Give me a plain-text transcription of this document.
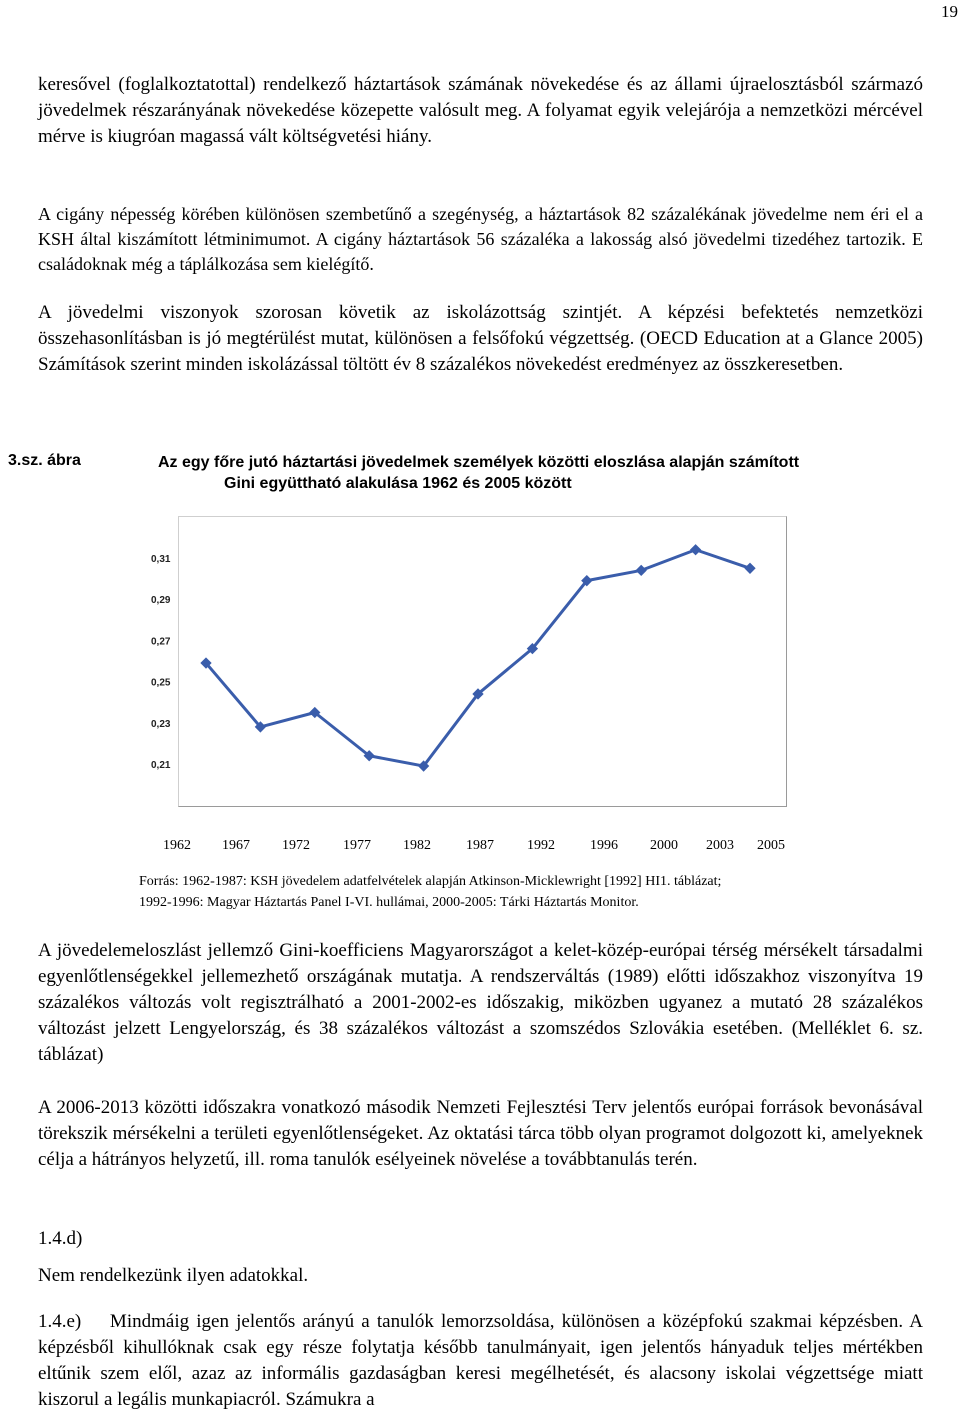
19

keresővel (foglalkoztatottal) rendelkező háztartások számának növekedése és az állami újraelosztásból származó jövedelmek részarányának növekedése közepette valósult meg. A folyamat egyik velejárója a nemzetközi mércével mérve is kiugróan magassá vált költségvetési hiány.

A cigány népesség körében különösen szembetűnő a szegénység, a háztartások 82 százalékának jövedelme nem éri el a KSH által kiszámított létminimumot. A cigány háztartások 56 százaléka a lakosság alsó jövedelmi tizedéhez tartozik. E családoknak még a táplálkozása sem kielégítő.

A jövedelmi viszonyok szorosan követik az iskolázottság szintjét. A képzési befektetés nemzetközi összehasonlításban is jó megtérülést mutat, különösen a felsőfokú végzettség. (OECD Education at a Glance 2005) Számítások szerint minden iskolázással töltött év 8 százalékos növekedést eredményez az összkeresetben.

3.sz. ábra	Az egy főre jutó háztartási jövedelmek személyek közötti eloszlása alapján számított
Gini együttható alakulása 1962 és 2005 között
0,31
0,29
0,27
0,25
0,23
0,21
1962 1967 1972 1977 1982	1987 1992	1996 2000 2003 2005
Forrás: 1962-1987: KSH jövedelem adatfelvételek alapján Atkinson-Micklewright [1992] HI1. táblázat;
1992-1996: Magyar Háztartás Panel I-VI. hullámai, 2000-2005: Tárki Háztartás Monitor.

A jövedelemeloszlást jellemző Gini-koefficiens Magyarországot a kelet-közép-európai térség mérsékelt társadalmi egyenlőtlenségekkel jellemezhető országának mutatja. A rendszerváltás (1989) előtti időszakhoz viszonyítva 19 százalékos változás volt regisztrálható a 2001-2002-es időszakig, miközben ugyanez a mutató 28 százalékos változást jelzett Lengyelország, és 38 százalékos változást a szomszédos Szlovákia esetében. (Melléklet 6. sz. táblázat)

A 2006-2013 közötti időszakra vonatkozó második Nemzeti Fejlesztési Terv jelentős európai források bevonásával törekszik mérsékelni a területi egyenlőtlenségeket. Az oktatási tárca több olyan programot dolgozott ki, amelyeknek célja a hátrányos helyzetű, ill. roma tanulók esélyeinek növelése a továbbtanulás terén.

1.4.d)

Nem rendelkezünk ilyen adatokkal.

1.4.e)    Mindmáig igen jelentős arányú a tanulók lemorzsoldása, különösen a középfokú szakmai képzésben. A képzésből kihullóknak csak egy része folytatja később tanulmányait, igen jelentős hányaduk teljes mértékben eltűnik szem elől, azaz az informális gazdaságban keresi megélhetését, és alacsony iskolai végzettsége miatt kiszorul a legális munkapiacról. Számukra a
